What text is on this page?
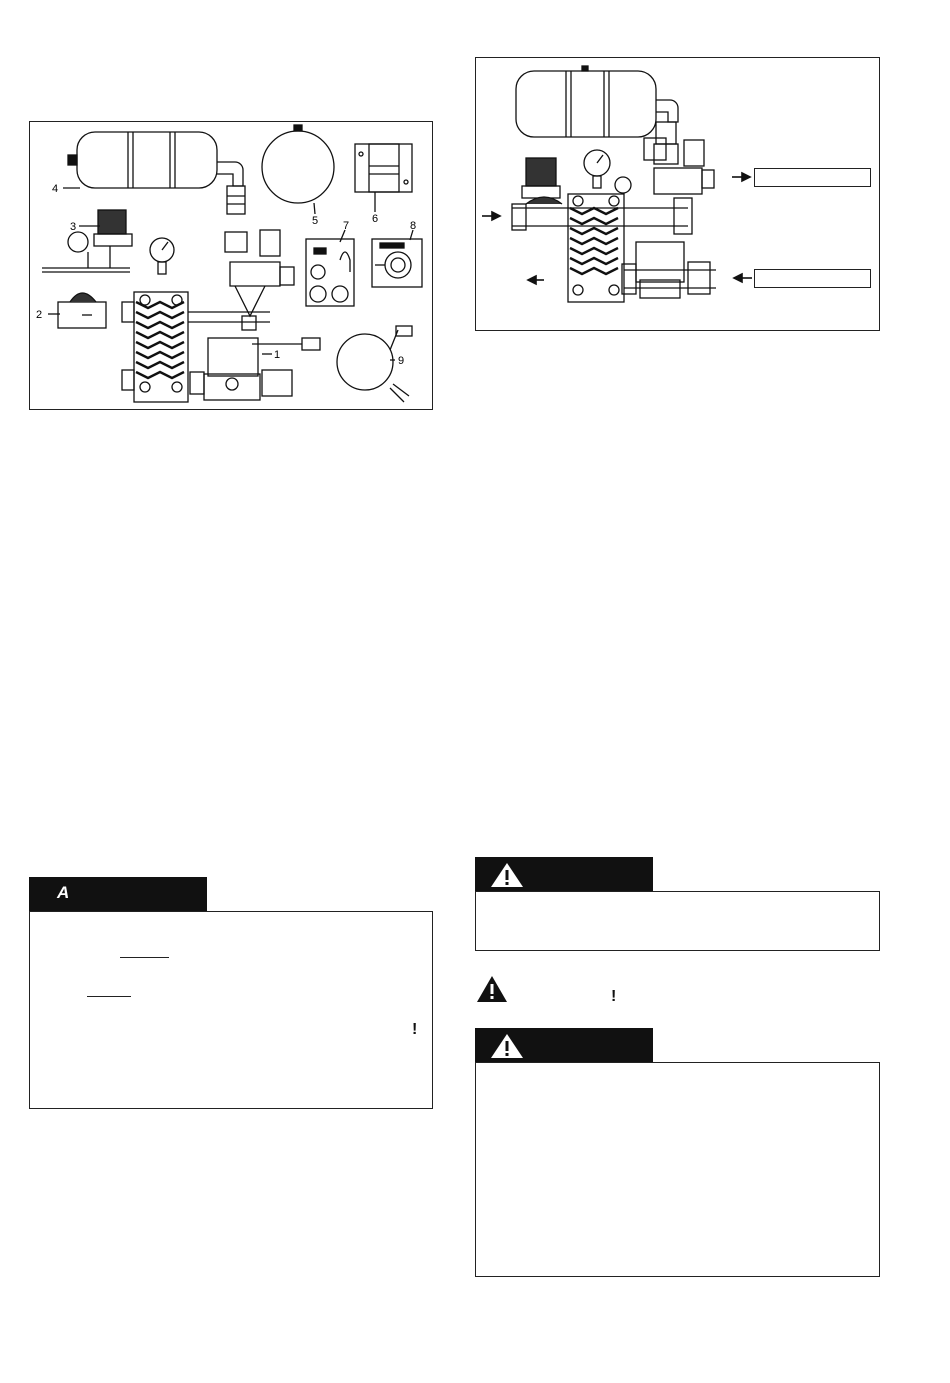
1
2
3
4
5	6
7	8
9
A
!
!
